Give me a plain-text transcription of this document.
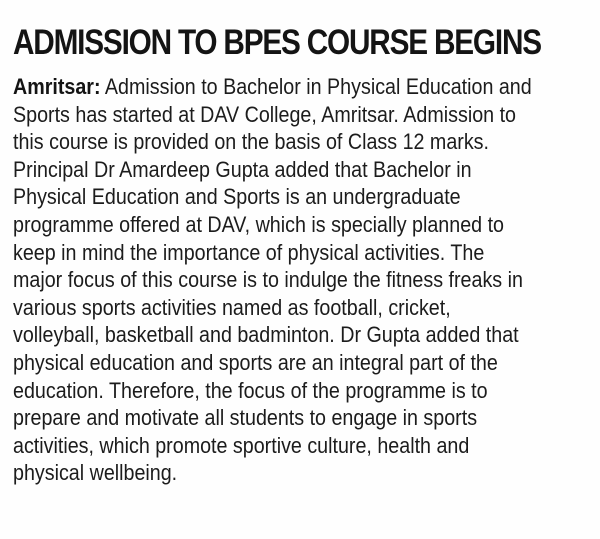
ADMISSION TO BPES COURSE BEGINS
Amritsar: Admission to Bachelor in Physical Education and
Sports has started at DAV College, Amritsar. Admission to
this course is provided on the basis of Class 12 marks.
Principal Dr Amardeep Gupta added that Bachelor in
Physical Education and Sports is an undergraduate
programme offered at DAV, which is specially planned to
keep in mind the importance of physical activities. The
major focus of this course is to indulge the fitness freaks in
various sports activities named as football, cricket,
volleyball, basketball and badminton. Dr Gupta added that
physical education and sports are an integral part of the
education. Therefore, the focus of the programme is to
prepare and motivate all students to engage in sports
activities, which promote sportive culture, health and
physical wellbeing.
